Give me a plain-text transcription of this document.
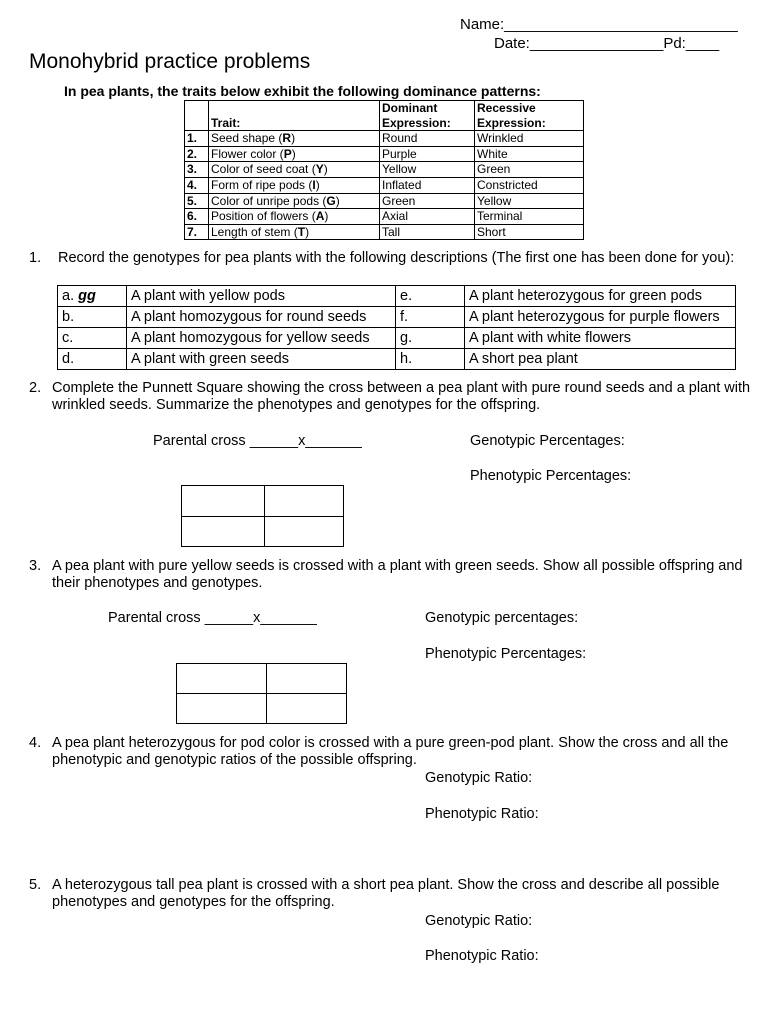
Name:____________________________
Date:________________Pd:____
Monohybrid practice problems
In pea plants, the traits below exhibit the following dominance patterns:
	Trait:	Dominant Expression:	Recessive Expression:
1.	Seed shape (R)	Round	Wrinkled
2.	Flower color (P)	Purple	White
3.	Color of seed coat (Y)	Yellow	Green
4.	Form of ripe pods (I)	Inflated	Constricted
5.	Color of unripe pods (G)	Green	Yellow
6.	Position of flowers (A)	Axial	Terminal
7.	Length of stem (T)	Tall	Short
1. Record the genotypes for pea plants with the following descriptions (The first one has been done for you):
a. gg	A plant with yellow pods	e.	A plant heterozygous for green pods
b.	A plant homozygous for round seeds	f.	A plant heterozygous for purple flowers
c.	A plant homozygous for yellow seeds	g.	A plant with white flowers
d.	A plant with green seeds	h.	A short pea plant
2. Complete the Punnett Square showing the cross between a pea plant with pure round seeds and a plant with wrinkled seeds. Summarize the phenotypes and genotypes for the offspring.
Parental cross ______x_______	Genotypic Percentages:
Phenotypic Percentages:

3. A pea plant with pure yellow seeds is crossed with a plant with green seeds. Show all possible offspring and their phenotypes and genotypes.
Parental cross ______x_______	Genotypic percentages:
Phenotypic Percentages:

4. A pea plant heterozygous for pod color is crossed with a pure green-pod plant. Show the cross and all the phenotypic and genotypic ratios of the possible offspring.
Genotypic Ratio:
Phenotypic Ratio:
5. A heterozygous tall pea plant is crossed with a short pea plant. Show the cross and describe all possible phenotypes and genotypes for the offspring.
Genotypic Ratio:
Phenotypic Ratio:
